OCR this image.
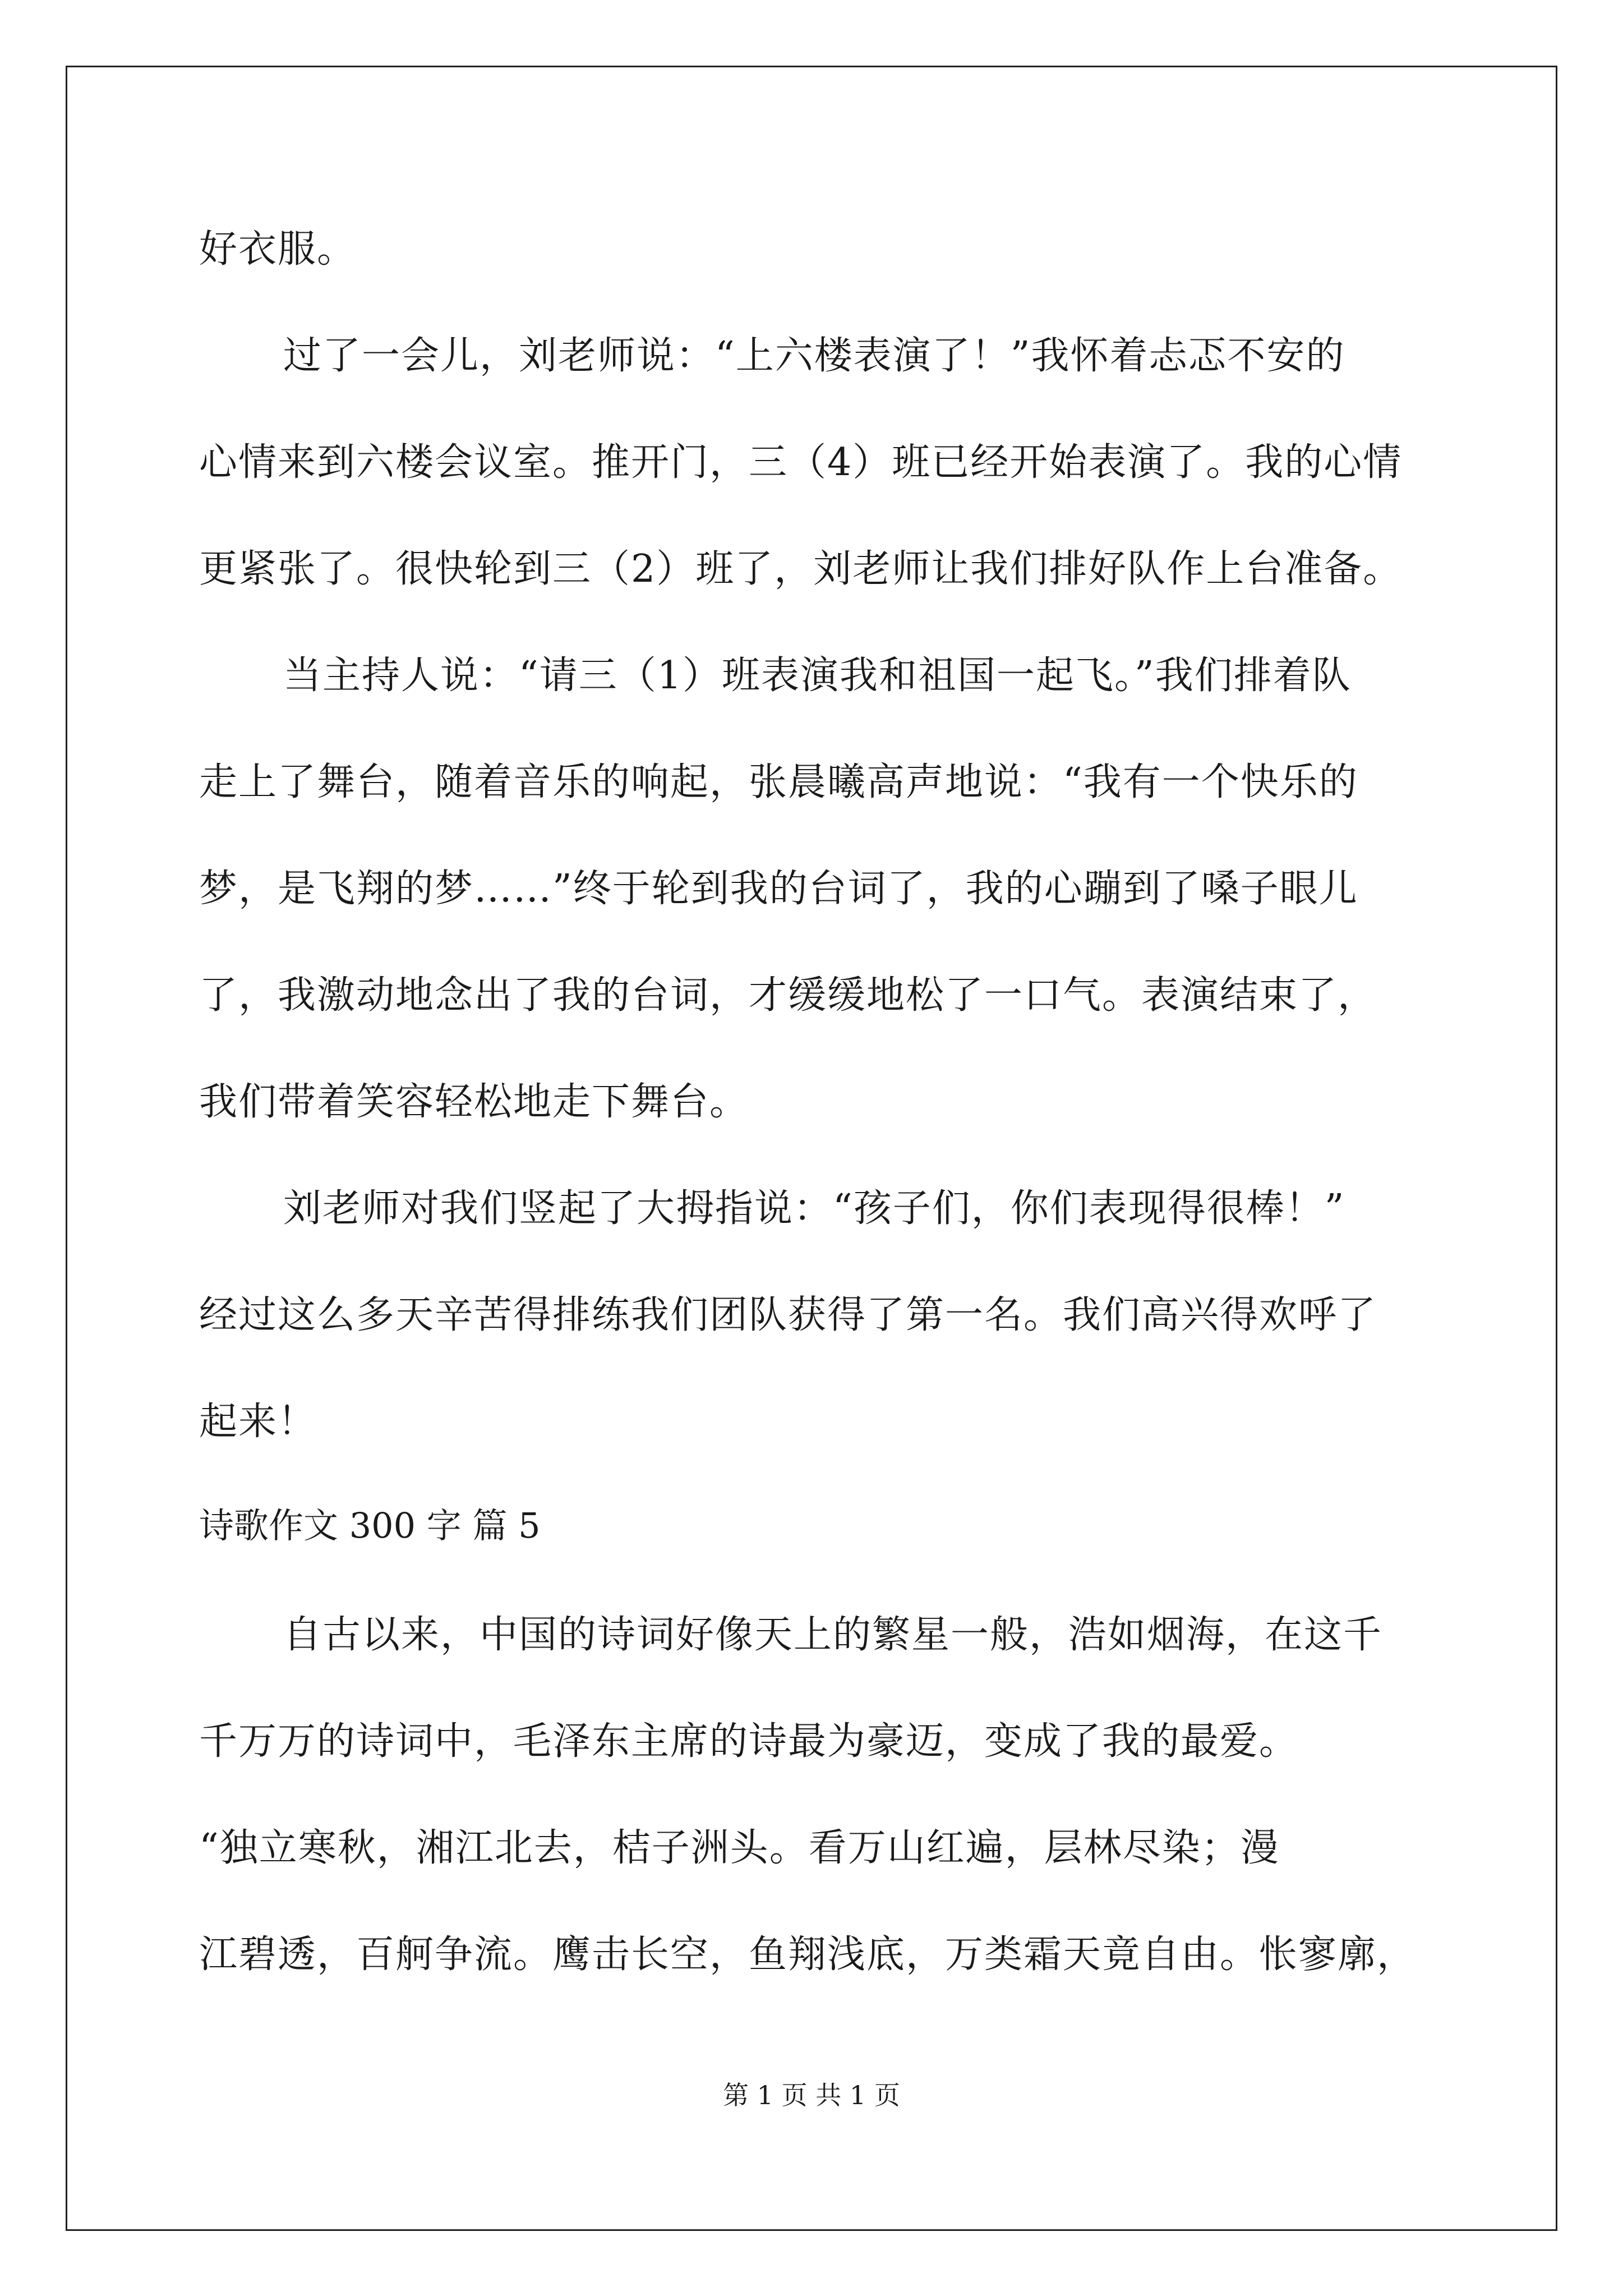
好衣服。
过了一会儿，刘老师说：“上六楼表演了！”我怀着忐忑不安的
心情来到六楼会议室。推开门，三（4）班已经开始表演了。我的心情
更紧张了。很快轮到三（2）班了，刘老师让我们排好队作上台准备。
当主持人说：“请三（1）班表演我和祖国一起飞。”我们排着队
走上了舞台，随着音乐的响起，张晨曦高声地说：“我有一个快乐的
梦，是飞翔的梦……”终于轮到我的台词了，我的心蹦到了嗓子眼儿
了，我激动地念出了我的台词，才缓缓地松了一口气。表演结束了，
我们带着笑容轻松地走下舞台。
刘老师对我们竖起了大拇指说：“孩子们，你们表现得很棒！”
经过这么多天辛苦得排练我们团队获得了第一名。我们高兴得欢呼了
起来！
诗歌作文 300 字 篇 5
自古以来，中国的诗词好像天上的繁星一般，浩如烟海，在这千
千万万的诗词中，毛泽东主席的诗最为豪迈，变成了我的最爱。
“独立寒秋，湘江北去，桔子洲头。看万山红遍，层林尽染；漫
江碧透，百舸争流。鹰击长空，鱼翔浅底，万类霜天竟自由。怅寥廓，
第 1 页 共 1 页
